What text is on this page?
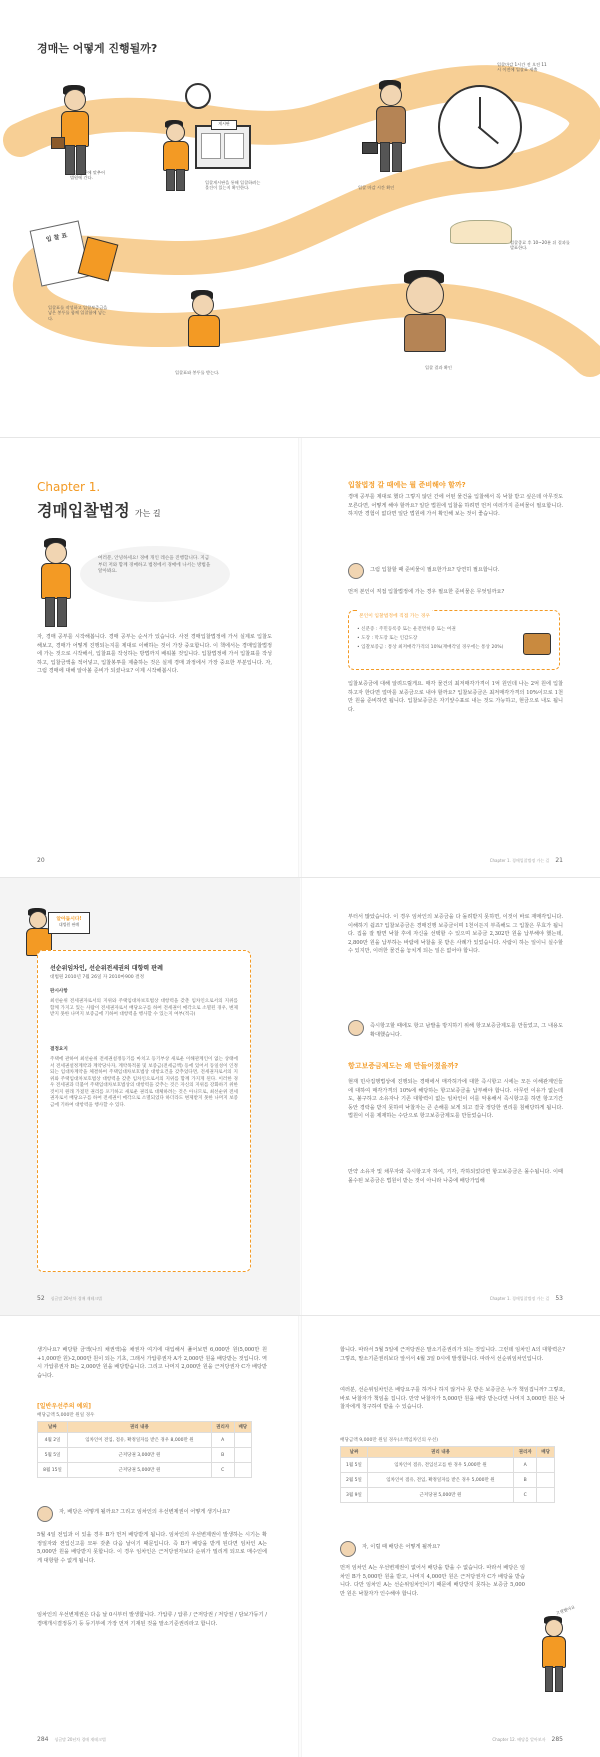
경매는 어떻게 진행될까?
입찰 시간에 맞추어 법원에 간다.
게시판
입찰게시판을 통해 입찰하려는 물건이 있는지 확인한다.	입찰 마감 시간 확인
입찰마감 1시간 전 오전 11시 이전에 입찰표 제출
입찰종료 후 10~20분 뒤 결과를 발표한다.
입 찰 표
입찰표를 작성하고 입찰보증금을 넣은 봉투를 함께 입찰함에 넣는다.
입찰표와 봉투를 받는다.
입찰 결과 확인
Chapter 1.
경매입찰법정 가는 길
여러분, 안녕하세요! 경매 개인 레슨을 진행합니다. 지금부터 저와 함께 경매하고 법정에서 경매에 나서는 방법을 알아봐요.
자, 경매 공부를 시작해봅니다. 경매 공부는 순서가 있습니다. 사전 경매입찰법정에 가서 실제로 입찰도 해보고, 경매가 어떻게 진행되는지를 제대로 이해하는 것이 가장 중요합니다. 이 책에서는 경매입찰법정에 가는 것으로 시작해서, 입찰표를 작성하는 방법까지 배워볼 것입니다. 입찰법정에 가서 입찰표를 작성하고, 입찰금액을 적어넣고, 입찰봉투를 제출하는 것은 실제 경매 과정에서 가장 중요한 부분입니다. 자, 그럼 경매에 대해 알아볼 준비가 되셨나요? 이제 시작해봅시다.
20
입찰법정 갈 때에는 뭘 준비해야 할까?
경매 공부를 제대로 했다 그렇지 않던 간에 어떤 물건을 입찰해서 꼭 낙찰 받고 싶은데 아무것도 모른다면, 어떻게 해야 할까요? 일단 법원에 입찰을 하려면 먼저 여러가지 준비물이 필요합니다. 하지만 경험이 없다면 일단 법원에 가서 확인해 보는 것이 좋습니다.
그럼 입찰할 때 준비물이 필요한가요? 당연히 필요합니다.
먼저 본인이 직접 입찰법정에 가는 경우 필요한 준비물은 무엇일까요?
본인이 입찰법정에 직접 가는 경우
• 신분증 : 주민등록증 또는 운전면허증 또는 여권
• 도장 : 막도장 또는 인감도장
• 입찰보증금 : 통상 최저매각가격의 10%(재매각일 경우에는 통상 20%)
입찰보증금에 대해 알려드릴게요. 매각 물건의 최저매각가격이 1억 원인데 나는 2억 원에 입찰하고자 한다면 얼마를 보증금으로 내야 할까요? 입찰보증금은 최저매각가격의 10%이므로 1천만 원을 준비하면 됩니다. 입찰보증금은 자기앞수표로 내는 것도 가능하고, 현금으로 내도 됩니다.
Chapter 1. 경매입찰법정 가는 길 21
알아둡시다!
대법원 판례
선순위임차인, 선순위전세권의 대항력 판례
대법원 2010년 7월 26일 자 2010마900 결정
판시사항
최선순위 전세권자로서의 지위와 주택임대차보호법상 대항력을 갖춘 임차인으로서의 지위를 함께 가지고 있는 사람이 전세권자로서 배당요구를 하여 전세권이 매각으로 소멸된 경우, 변제받지 못한 나머지 보증금에 기하여 대항력을 행사할 수 있는지 여부(적극)
결정요지
주택에 관하여 최선순위 전세권설정등기를 마치고 등기부상 새로운 이해관계인이 없는 상태에서 전세권설정계약과 계약당사자, 계약목적물 및 보증금(전세금액) 등에 있어서 동일성이 인정되는 임대차계약을 체결하여 주택임대차보호법상 대항요건을 갖추었다면, 전세권자로서의 지위와 주택임대차보호법상 대항력을 갖춘 임차인으로서의 지위를 함께 가지게 된다. 이러한 경우 전세권과 더불어 주택임대차보호법상의 대항력을 갖추는 것은 자신의 지위를 강화하기 위한 것이지 원래 가졌던 권리를 포기하고 새로운 권리로 대체하려는 것은 아니므로, 최선순위 전세권자로서 배당요구를 하여 전세권이 매각으로 소멸되었다 하더라도 변제받지 못한 나머지 보증금에 기하여 대항력을 행사할 수 있다.
52 싱글맘 20년차 경매 재테크법
부터서 많았습니다. 이 경우 임차인의 보증금을 다 돌려받지 못하면, 이것이 바로 재매각입니다. 이해하기 쉽죠? 입찰보증금은 경매진행 보증금이며 1천이든지 부족해도 그 입찰은 무효가 됩니다. 집을 잘 팔면 낙찰 후에 자신을 선택할 수 있으며 보증금 2,302만 원을 납부해야 했는데, 2,800만 원을 납부하는 바람에 낙찰을 못 받은 사례가 있었습니다. 사람이 하는 일이니 실수할 수 있지만, 이러한 물건을 놓치게 되는 일은 없어야 합니다.
즉시항고할 때에도 항고 남발을 방지하기 위해 항고보증금제도를 만들었고, 그 내용도 확대했습니다.
항고보증금제도는 왜 만들어졌을까?
현재 민사집행법상에 진행되는 경매에서 매각허가에 대한 즉시항고 시에는 모든 이해관계인들에 대하여 매각가격의 10%에 해당하는 항고보증금을 납부해야 합니다. 아무런 이유가 없는데도, 불구하고 소유자나 기존 대항력이 없는 임차인이 이를 악용해서 즉시항고를 하면 항고기간 동안 경락을 받지 못하여 낙찰자는 큰 손해를 보게 되고 결국 정당한 권리를 침해당하게 됩니다. 법원이 이를 제재하는 수단으로 항고보증금제도를 만들었습니다.
만약 소유자 및 채무자와 즉시항고자 하여, 기각, 각하되었다면 항고보증금은 몰수됩니다. 이때 몰수된 보증금은 법원이 받는 것이 아니라 나중에 배당가입해
Chapter 1. 경매입찰법정 가는 길 53
생기나요? 배당할 금액(나의 채권액)을 채권자 여기에 대입해서 풀어보면 6,000만 원(5,000만 원+1,000만 원)-2,000만 원이 되는 기초, 그래서 가압류권자 A가 2,000만 원을 배당받는 것입니다. 역시 가압류권자 B는 2,000만 원을 배당받습니다. 그리고 나머지 2,000만 원을 근저당권자 C가 배당받습니다.
[일반우선주의 예외]
배당금액 5,000만 원일 경우
날짜	권리 내용	권리자	배당
4월 2일	임차인이 전입, 점유, 확정일자를 받은 경우 8,000만 원	A	
5월 5일	근저당권 3,000만 원	B	
8월 15일	근저당권 5,000만 원	C	
자, 배당은 어떻게 될까요? 그리고 임차인의 우선변제권이 어떻게 생기나요?
5월 4일 전입과 이 있을 경우 B가 먼저 배당받게 됩니다. 임차인의 우선변제권이 발생하는 시기는 확정일자와 전입신고를 모두 갖춘 다음 날이기 때문입니다. 즉 B가 배당을 받게 된다면 임차인 A는 5,000만 원을 배당받지 못합니다. 이 경우 임차인은 근저당권자보다 순위가 밀리게 되므로 매수인에게 대항할 수 없게 됩니다.
임차인의 우선변제권은 다음 날 0시부터 발생합니다. 가압류 / 압류 / 근저당권 / 저당권 / 담보가등기 / 경매개시결정등기 등 등기부에 가장 먼저 기재된 것을 말소기준권리라고 합니다.
284 싱글맘 20년차 경매 재테크법
합니다. 따라서 5월 5일에 근저당권은 말소기준권리가 되는 것입니다. 그런데 임차인 A의 대항력은? 그렇죠, 말소기준권리보다 앞서서 4월 3일 0시에 발생합니다. 따라서 선순위임차인입니다.
여러분, 선순위임차인은 배당요구를 하거나 하지 않거나 못 받은 보증금은 누가 책임집니까? 그렇죠, 바로 낙찰자가 책임을 집니다. 만약 낙찰자가 5,000만 원을 배당 받는다면 나머지 3,000만 원은 낙찰자에게 청구하여 받을 수 있습니다.
배당금액 9,000만 원일 경우(소액임차인의 우선)
날짜	권리 내용	권리자	배당
1월 5일	임차인이 점유, 전입신고를 한 경우 5,000만 원	A	
2월 5일	임차인이 점유, 전입, 확정일자를 받은 경우 5,000만 원	B	
3월 9일	근저당권 5,000만 원	C	
자, 이럴 때 배당은 어떻게 될까요?
먼저 임차인 A는 우선변제권이 없어서 배당을 받을 수 없습니다. 따라서 배당은 임차인 B가 5,000만 원을 받고, 나머지 4,000만 원은 근저당권자 C가 배당을 받습니다. 다만 임차인 A는 선순위임차인이기 때문에 배당받지 못하는 보증금 5,000만 원은 낙찰자가 인수해야 합니다.
고생했어요
Chapter 12. 배당을 알아보자 285
